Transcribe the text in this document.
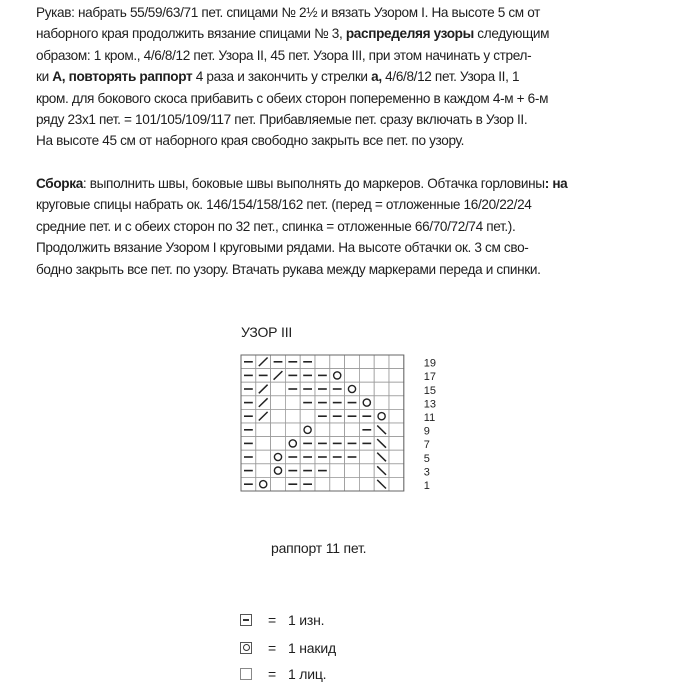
Рукав: набрать 55/59/63/71 пет. спицами № 2½ и вязать Узором I. На высоте 5 см от
наборного края продолжить вязание спицами № 3, распределяя узоры следующим
образом: 1 кром., 4/6/8/12 пет. Узора II, 45 пет. Узора III, при этом начинать у стрел-
ки А, повторять раппорт 4 раза и закончить у стрелки а, 4/6/8/12 пет. Узора II, 1
кром. для бокового скоса прибавить с обеих сторон попеременно в каждом 4-м + 6-м
ряду 23x1 пет. = 101/105/109/117 пет. Прибавляемые пет. сразу включать в Узор II.
На высоте 45 см от наборного края свободно закрыть все пет. по узору.
Сборка: выполнить швы, боковые швы выполнять до маркеров. Обтачка горловины: на
круговые спицы набрать ок. 146/154/158/162 пет. (перед = отложенные 16/20/22/24
средние пет. и с обеих сторон по 32 пет., спинка = отложенные 66/70/72/74 пет.).
Продолжить вязание Узором I круговыми рядами. На высоте обтачки ок. 3 см сво-
бодно закрыть все пет. по узору. Втачать рукава между маркерами переда и спинки.
УЗОР III
19
17
15
13
11
9
7
5
3
1
раппорт 11 пет.
= 1 изн.
= 1 накид
= 1 лиц.
